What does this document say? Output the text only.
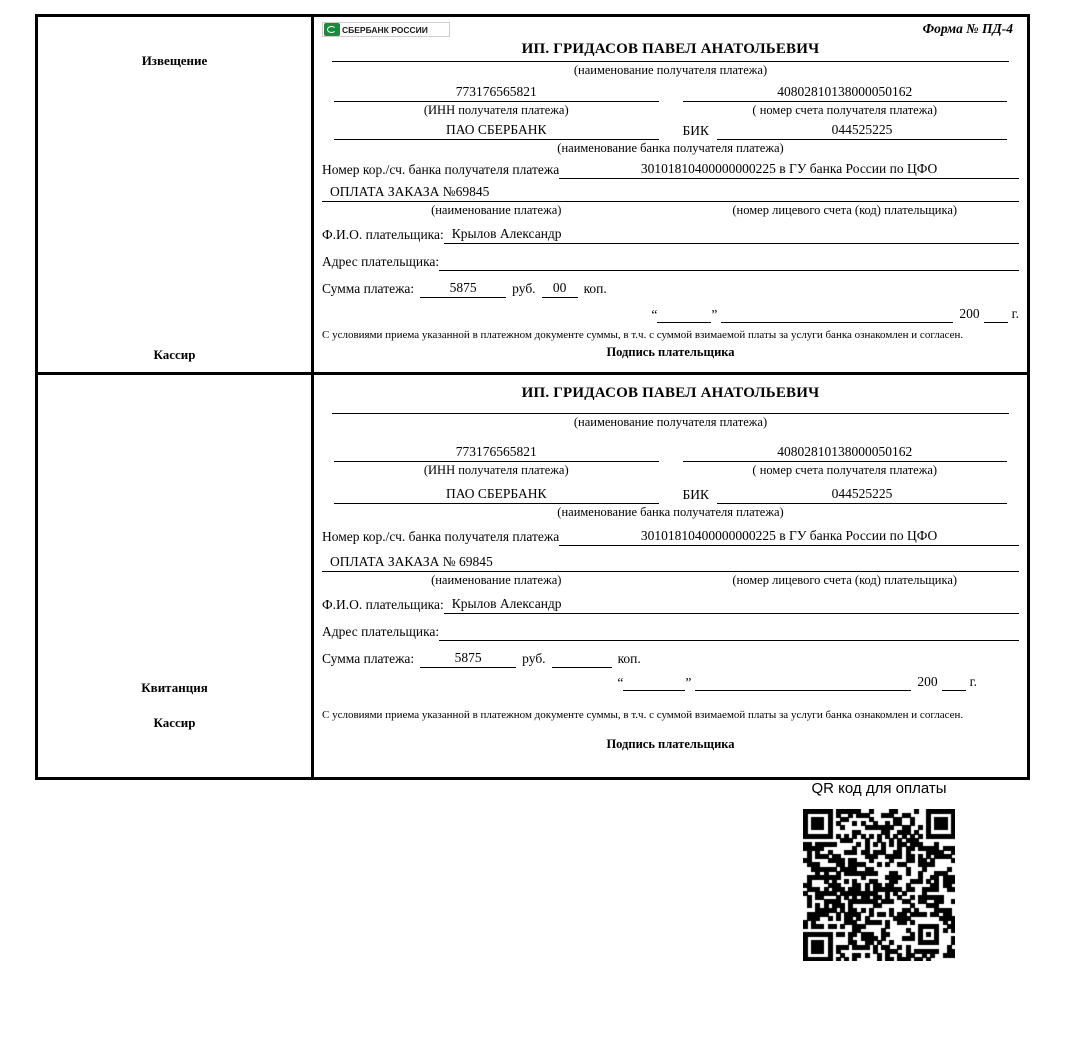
Извещение
Кассир
СБЕРБАНК РОССИИ	Форма № ПД-4
ИП. ГРИДАСОВ ПАВЕЛ АНАТОЛЬЕВИЧ
(наименование получателя платежа)
773176565821	40802810138000050162
(ИНН получателя платежа)	( номер счета получателя платежа)
ПАО СБЕРБАНК	БИК	044525225
(наименование банка получателя платежа)
Номер кор./сч. банка получателя платежа	30101810400000000225 в ГУ банка России по ЦФО
ОПЛАТА ЗАКАЗА №69845
(наименование платежа)	(номер лицевого счета (код) плательщика)
Ф.И.О. плательщика: Крылов Александр
Адрес плательщика:
Сумма платежа:	5875	руб.	00	коп.
“	”	200 г.
С условиями приема указанной в платежном документе суммы, в т.ч. с суммой взимаемой платы за услуги банка ознакомлен и согласен.
Подпись плательщика
Квитанция
Кассир
ИП. ГРИДАСОВ ПАВЕЛ АНАТОЛЬЕВИЧ
(наименование получателя платежа)
773176565821	40802810138000050162
(ИНН получателя платежа)	( номер счета получателя платежа)
ПАО СБЕРБАНК	БИК	044525225
(наименование банка получателя платежа)
Номер кор./сч. банка получателя платежа	30101810400000000225 в ГУ банка России по ЦФО
ОПЛАТА ЗАКАЗА № 69845
(наименование платежа)	(номер лицевого счета (код) плательщика)
Ф.И.О. плательщика: Крылов Александр
Адрес плательщика:
Сумма платежа:	5875	руб.	коп.
“	”	200 г.
С условиями приема указанной в платежном документе суммы, в т.ч. с суммой взимаемой платы за услуги банка ознакомлен и согласен.
Подпись плательщика
QR код для оплаты
